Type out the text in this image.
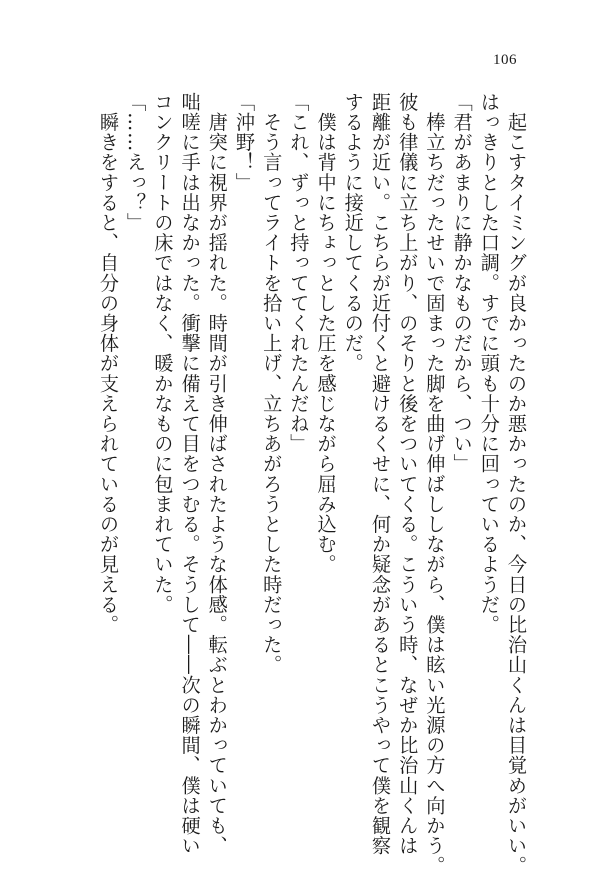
106
　起こすタイミングが良かったのか悪かったのか、今日の比治山くんは目覚めがいい。
はっきりとした口調。すでに頭も十分に回っているようだ。
「君があまりに静かなものだから、つい」
　棒立ちだったせいで固まった脚を曲げ伸ばししながら、僕は眩い光源の方へ向かう。
彼も律儀に立ち上がり、のそりと後をついてくる。こういう時、なぜか比治山くんは
距離が近い。こちらが近付くと避けるくせに、何か疑念があるとこうやって僕を観察
するように接近してくるのだ。
　僕は背中にちょっとした圧を感じながら屈み込む。
「これ、ずっと持っててくれたんだね」
　そう言ってライトを拾い上げ、立ちあがろうとした時だった。
「沖野！」
　唐突に視界が揺れた。時間が引き伸ばされたような体感。転ぶとわかっていても、
咄嗟に手は出なかった。衝撃に備えて目をつむる。そうして――次の瞬間、僕は硬い
コンクリートの床ではなく、暖かなものに包まれていた。
「……えっ？」
　瞬きをすると、自分の身体が支えられているのが見える。
